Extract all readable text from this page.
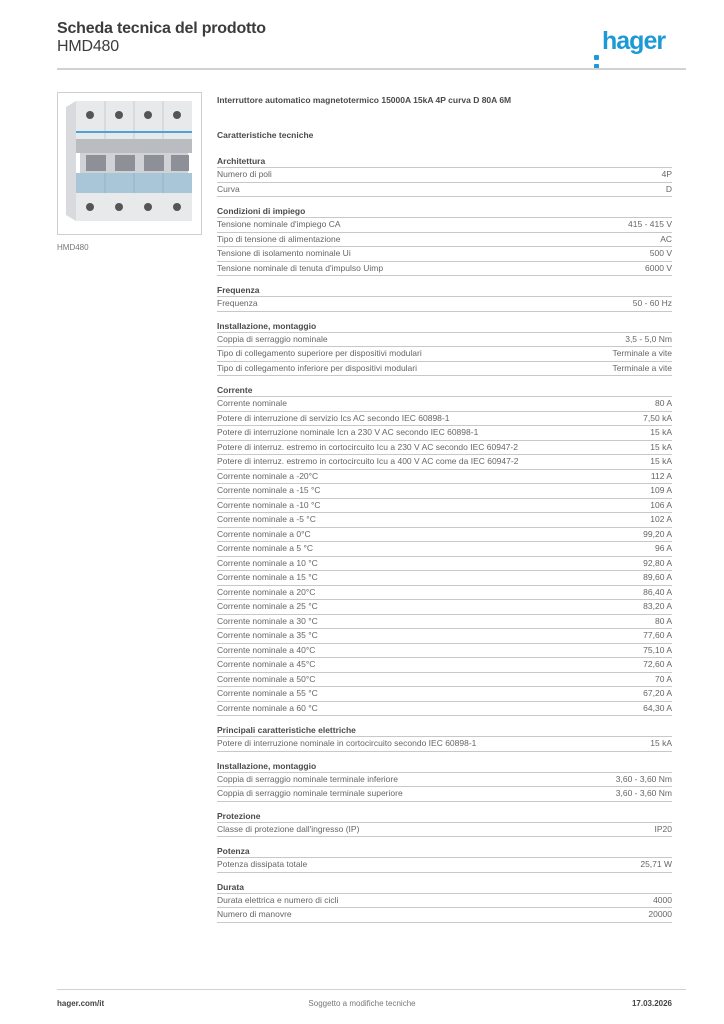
Scheda tecnica del prodotto
HMD480	hager
HMD480
Interruttore automatico magnetotermico 15000A 15kA 4P curva D 80A 6M
Caratteristiche tecniche
Architettura
Numero di poli	4P
Curva	D
Condizioni di impiego
Tensione nominale d'impiego CA	415 - 415 V
Tipo di tensione di alimentazione	AC
Tensione di isolamento nominale Ui	500 V
Tensione nominale di tenuta d'impulso Uimp	6000 V
Frequenza
Frequenza	50 - 60 Hz
Installazione, montaggio
Coppia di serraggio nominale	3,5 - 5,0 Nm
Tipo di collegamento superiore per dispositivi modulari	Terminale a vite
Tipo di collegamento inferiore per dispositivi modulari	Terminale a vite
Corrente
Corrente nominale	80 A
Potere di interruzione di servizio Ics AC secondo IEC 60898-1	7,50 kA
Potere di interruzione nominale Icn a 230 V AC secondo IEC 60898-1	15 kA
Potere di interruz. estremo in cortocircuito Icu a 230 V AC secondo IEC 60947-2	15 kA
Potere di interruz. estremo in cortocircuito Icu a 400 V AC come da IEC 60947-2	15 kA
Corrente nominale a -20°C	112 A
Corrente nominale a -15 °C	109 A
Corrente nominale a -10 °C	106 A
Corrente nominale a -5 °C	102 A
Corrente nominale a 0°C	99,20 A
Corrente nominale a 5 °C	96 A
Corrente nominale a 10 °C	92,80 A
Corrente nominale a 15 °C	89,60 A
Corrente nominale a 20°C	86,40 A
Corrente nominale a 25 °C	83,20 A
Corrente nominale a 30 °C	80 A
Corrente nominale a 35 °C	77,60 A
Corrente nominale a 40°C	75,10 A
Corrente nominale a 45°C	72,60 A
Corrente nominale a 50°C	70 A
Corrente nominale a 55 °C	67,20 A
Corrente nominale a 60 °C	64,30 A
Principali caratteristiche elettriche
Potere di interruzione nominale in cortocircuito secondo IEC 60898-1	15 kA
Installazione, montaggio
Coppia di serraggio nominale terminale inferiore	3,60 - 3,60 Nm
Coppia di serraggio nominale terminale superiore	3,60 - 3,60 Nm
Protezione
Classe di protezione dall'ingresso (IP)	IP20
Potenza
Potenza dissipata totale	25,71 W
Durata
Durata elettrica e numero di cicli	4000
Numero di manovre	20000
hager.com/it	Soggetto a modifiche tecniche	17.03.2026
